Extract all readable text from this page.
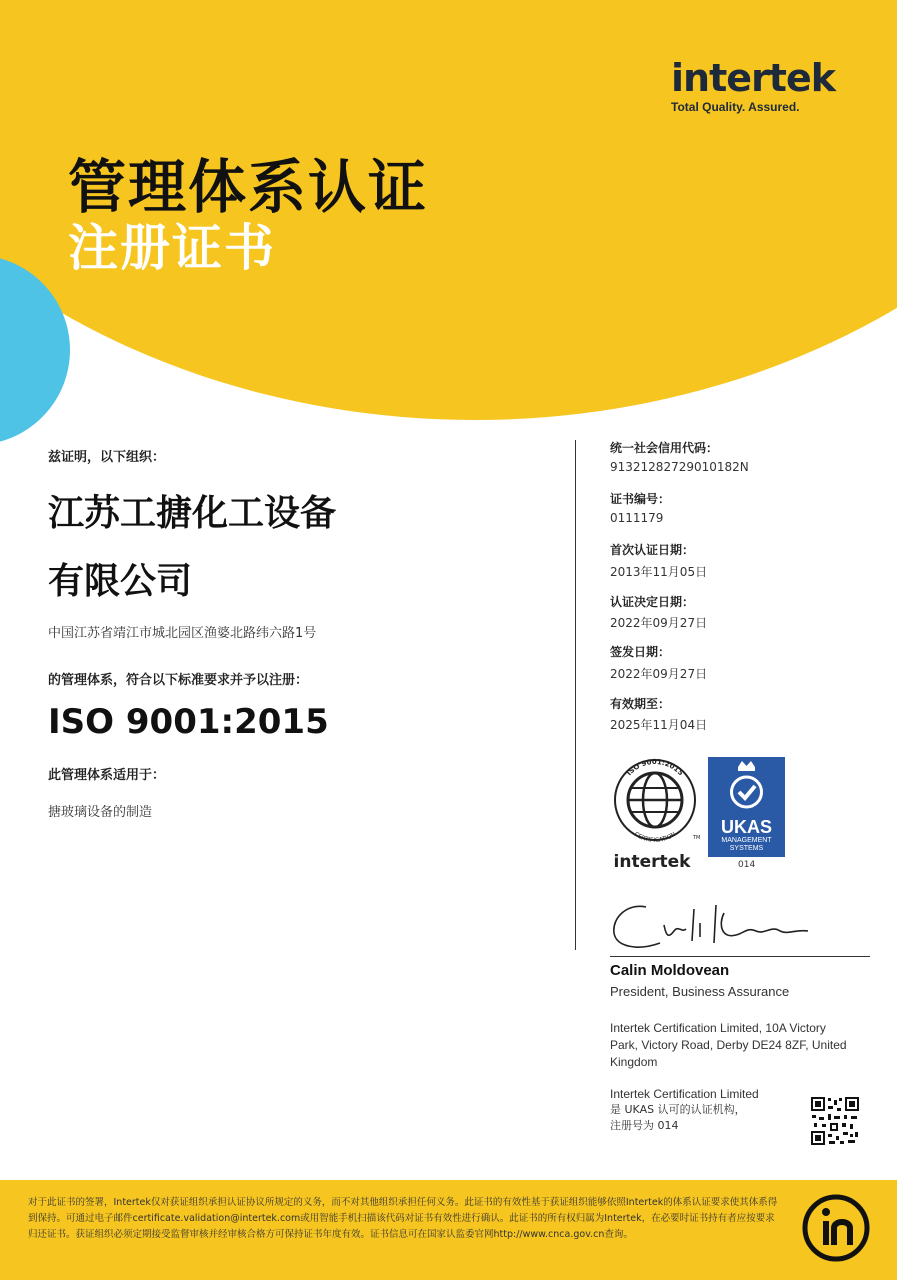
intertek
Total Quality. Assured.
管理体系认证
注册证书
兹证明，以下组织：
江苏工搪化工设备
有限公司
中国江苏省靖江市城北园区渔婆北路纬六路1号
的管理体系，符合以下标准要求并予以注册：
ISO 9001:2015
此管理体系适用于：
搪玻璃设备的制造
统一社会信用代码：
91321282729010182N
证书编号：
0111179
首次认证日期：
2013年11月05日
认证决定日期：
2022年09月27日
签发日期：
2022年09月27日
有效期至：
2025年11月04日
ISO 9001:2015
CERTIFICATION	TM
intertek
UKAS
MANAGEMENT
SYSTEMS
014
Calin Moldovean
President, Business Assurance
Intertek Certification Limited, 10A Victory Park, Victory Road, Derby DE24 8ZF, United Kingdom
Intertek Certification Limited
是 UKAS 认可的认证机构，
注册号为 014
对于此证书的签署，Intertek仅对获证组织承担认证协议所规定的义务，而不对其他组织承担任何义务。此证书的有效性基于获证组织能够依照Intertek的体系认证要求使其体系得到保持。可通过电子邮件certificate.validation@intertek.com或用智能手机扫描该代码对证书有效性进行确认。此证书的所有权归属为Intertek，在必要时证书持有者应按要求归还证书。获证组织必须定期接受监督审核并经审核合格方可保持证书年度有效。证书信息可在国家认监委官网http://www.cnca.gov.cn查询。
